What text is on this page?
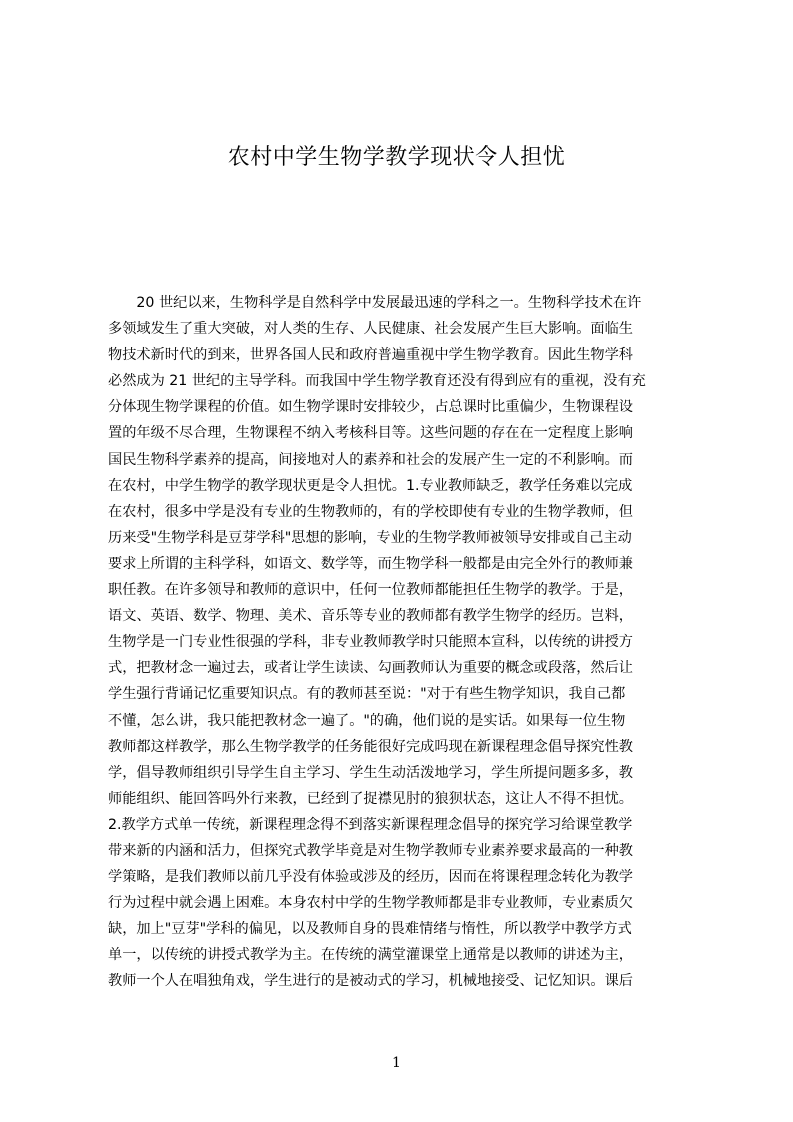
农村中学生物学教学现状令人担忧
　　20 世纪以来，生物科学是自然科学中发展最迅速的学科之一。生物科学技术在许
多领域发生了重大突破，对人类的生存、人民健康、社会发展产生巨大影响。面临生
物技术新时代的到来，世界各国人民和政府普遍重视中学生物学教育。因此生物学科
必然成为 21 世纪的主导学科。而我国中学生物学教育还没有得到应有的重视，没有充
分体现生物学课程的价值。如生物学课时安排较少，占总课时比重偏少，生物课程设
置的年级不尽合理，生物课程不纳入考核科目等。这些问题的存在在一定程度上影响
国民生物科学素养的提高，间接地对人的素养和社会的发展产生一定的不利影响。而
在农村，中学生物学的教学现状更是令人担忧。1.专业教师缺乏，教学任务难以完成
在农村，很多中学是没有专业的生物教师的，有的学校即使有专业的生物学教师，但
历来受"生物学科是豆芽学科"思想的影响，专业的生物学教师被领导安排或自己主动
要求上所谓的主科学科，如语文、数学等，而生物学科一般都是由完全外行的教师兼
职任教。在许多领导和教师的意识中，任何一位教师都能担任生物学的教学。于是，
语文、英语、数学、物理、美术、音乐等专业的教师都有教学生物学的经历。岂料，
生物学是一门专业性很强的学科，非专业教师教学时只能照本宣科，以传统的讲授方
式，把教材念一遍过去，或者让学生读读、勾画教师认为重要的概念或段落，然后让
学生强行背诵记忆重要知识点。有的教师甚至说："对于有些生物学知识，我自己都
不懂，怎么讲，我只能把教材念一遍了。"的确，他们说的是实话。如果每一位生物
教师都这样教学，那么生物学教学的任务能很好完成吗现在新课程理念倡导探究性教
学，倡导教师组织引导学生自主学习、学生生动活泼地学习，学生所提问题多多，教
师能组织、能回答吗外行来教，已经到了捉襟见肘的狼狈状态，这让人不得不担忧。
2.教学方式单一传统，新课程理念得不到落实新课程理念倡导的探究学习给课堂教学
带来新的内涵和活力，但探究式教学毕竟是对生物学教师专业素养要求最高的一种教
学策略，是我们教师以前几乎没有体验或涉及的经历，因而在将课程理念转化为教学
行为过程中就会遇上困难。本身农村中学的生物学教师都是非专业教师，专业素质欠
缺，加上"豆芽"学科的偏见，以及教师自身的畏难情绪与惰性，所以教学中教学方式
单一，以传统的讲授式教学为主。在传统的满堂灌课堂上通常是以教师的讲述为主，
教师一个人在唱独角戏，学生进行的是被动式的学习，机械地接受、记忆知识。课后
1
